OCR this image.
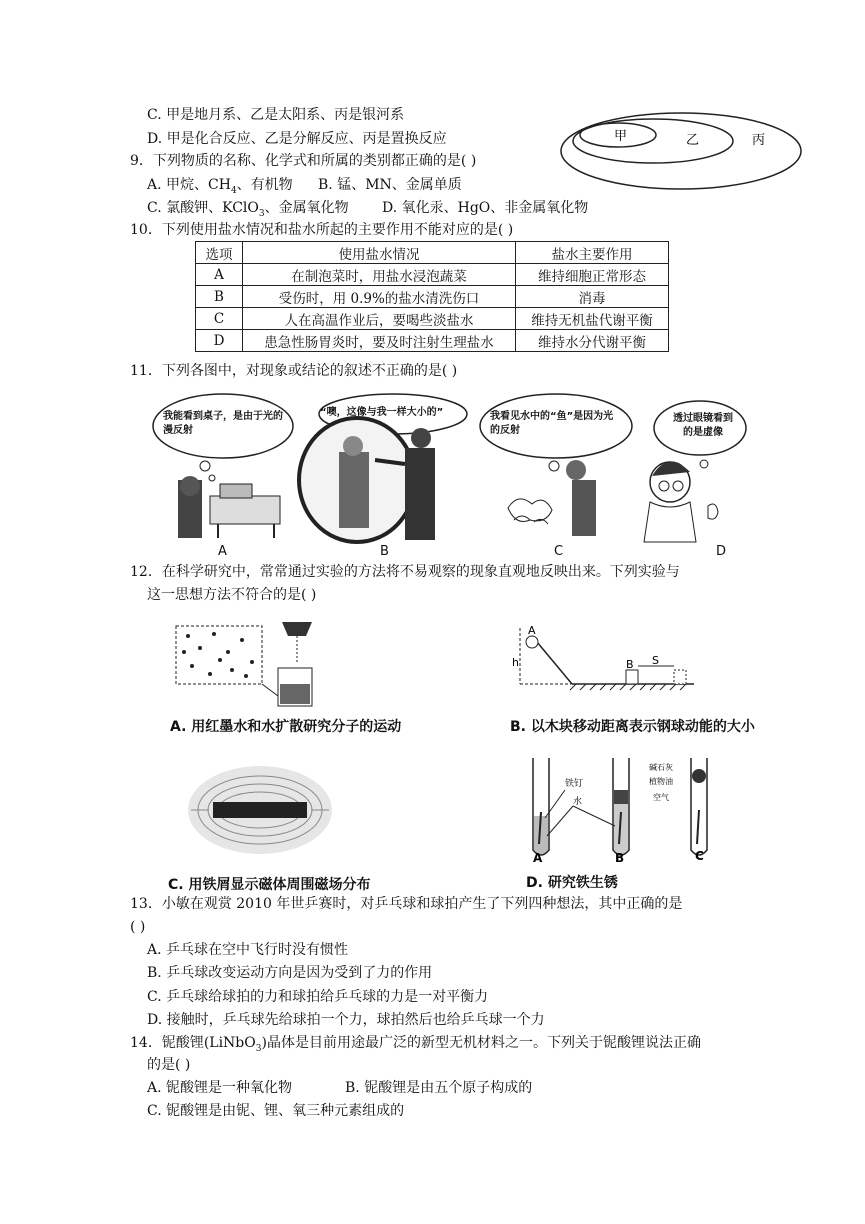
C. 甲是地月系、乙是太阳系、丙是银河系
D. 甲是化合反应、乙是分解反应、丙是置换反应	甲	乙	丙
9．下列物质的名称、化学式和所属的类别都正确的是( )
A. 甲烷、$CH_4$、有机物 B. 锰、MN、金属单质
C. 氯酸钾、KClO$_3$、金属氧化物 D. 氧化汞、HgO、非金属氧化物
10．下列使用盐水情况和盐水所起的主要作用不能对应的是( )
选项	使用盐水情况	盐水主要作用
A	在制泡菜时，用盐水浸泡蔬菜	维持细胞正常形态
B	受伤时，用 0.9%的盐水清洗伤口	消毒
C	人在高温作业后，要喝些淡盐水	维持无机盐代谢平衡
D	患急性肠胃炎时，要及时注射生理盐水	维持水分代谢平衡
11．下列各图中，对现象或结论的叙述不正确的是( )
我能看到桌子，是由于光的漫反射
“噢，这像与我一样大小的”	我看见水中的“鱼”是因为光的反射
透过眼镜看到的是虚像
A	B	C	D
12．在科学研究中，常常通过实验的方法将不易观察的现象直观地反映出来。下列实验与
这一思想方法不符合的是( )
A
h	B S
A. 用红墨水和水扩散研究分子的运动	B. 以木块移动距离表示钢球动能的大小
铁钉
水
碱石灰
植物油
空气
A	B	C
C. 用铁屑显示磁体周围磁场分布	D. 研究铁生锈
13．小敏在观赏 2010 年世乒赛时，对乒乓球和球拍产生了下列四种想法，其中正确的是
( )
A. 乒乓球在空中飞行时没有惯性
B. 乒乓球改变运动方向是因为受到了力的作用
C. 乒乓球给球拍的力和球拍给乒乓球的力是一对平衡力
D. 接触时，乒乓球先给球拍一个力，球拍然后也给乒乓球一个力
14．铌酸锂(LiNbO$_3$)晶体是目前用途最广泛的新型无机材料之一。下列关于铌酸锂说法正确
的是( )
A. 铌酸锂是一种氧化物	B. 铌酸锂是由五个原子构成的
C. 铌酸锂是由铌、锂、氧三种元素组成的
